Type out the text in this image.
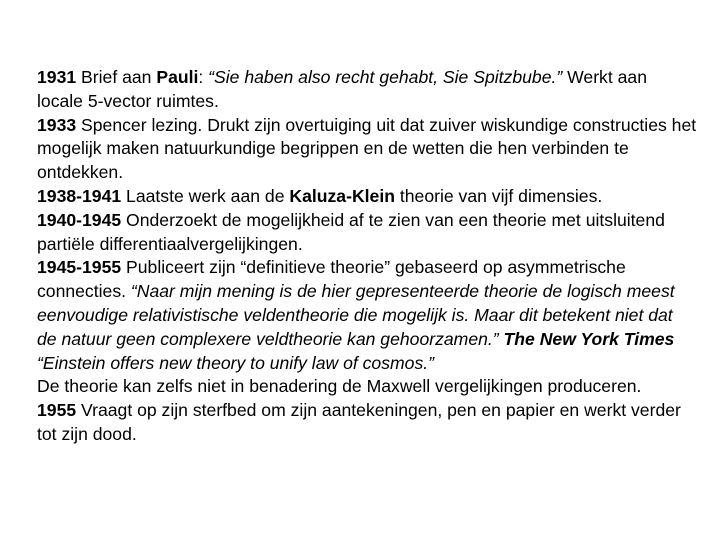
1931 Brief aan Pauli: “Sie haben also recht gehabt, Sie Spitzbube.” Werkt aan locale 5-vector ruimtes.

1933 Spencer lezing. Drukt zijn overtuiging uit dat zuiver wiskundige constructies het mogelijk maken natuurkundige begrippen en de wetten die hen verbinden te ontdekken.

1938-1941 Laatste werk aan de Kaluza-Klein theorie van vijf dimensies.

1940-1945 Onderzoekt de mogelijkheid af te zien van een theorie met uitsluitend partiële differentiaalvergelijkingen.

1945-1955 Publiceert zijn “definitieve theorie” gebaseerd op asymmetrische connecties. “Naar mijn mening is de hier gepresenteerde theorie de logisch meest eenvoudige relativistische veldentheorie die mogelijk is. Maar dit betekent niet dat de natuur geen complexere veldtheorie kan gehoorzamen.” The New York Times “Einstein offers new theory to unify law of cosmos.”

De theorie kan zelfs niet in benadering de Maxwell vergelijkingen produceren.

1955 Vraagt op zijn sterfbed om zijn aantekeningen, pen en papier en werkt verder tot zijn dood.
